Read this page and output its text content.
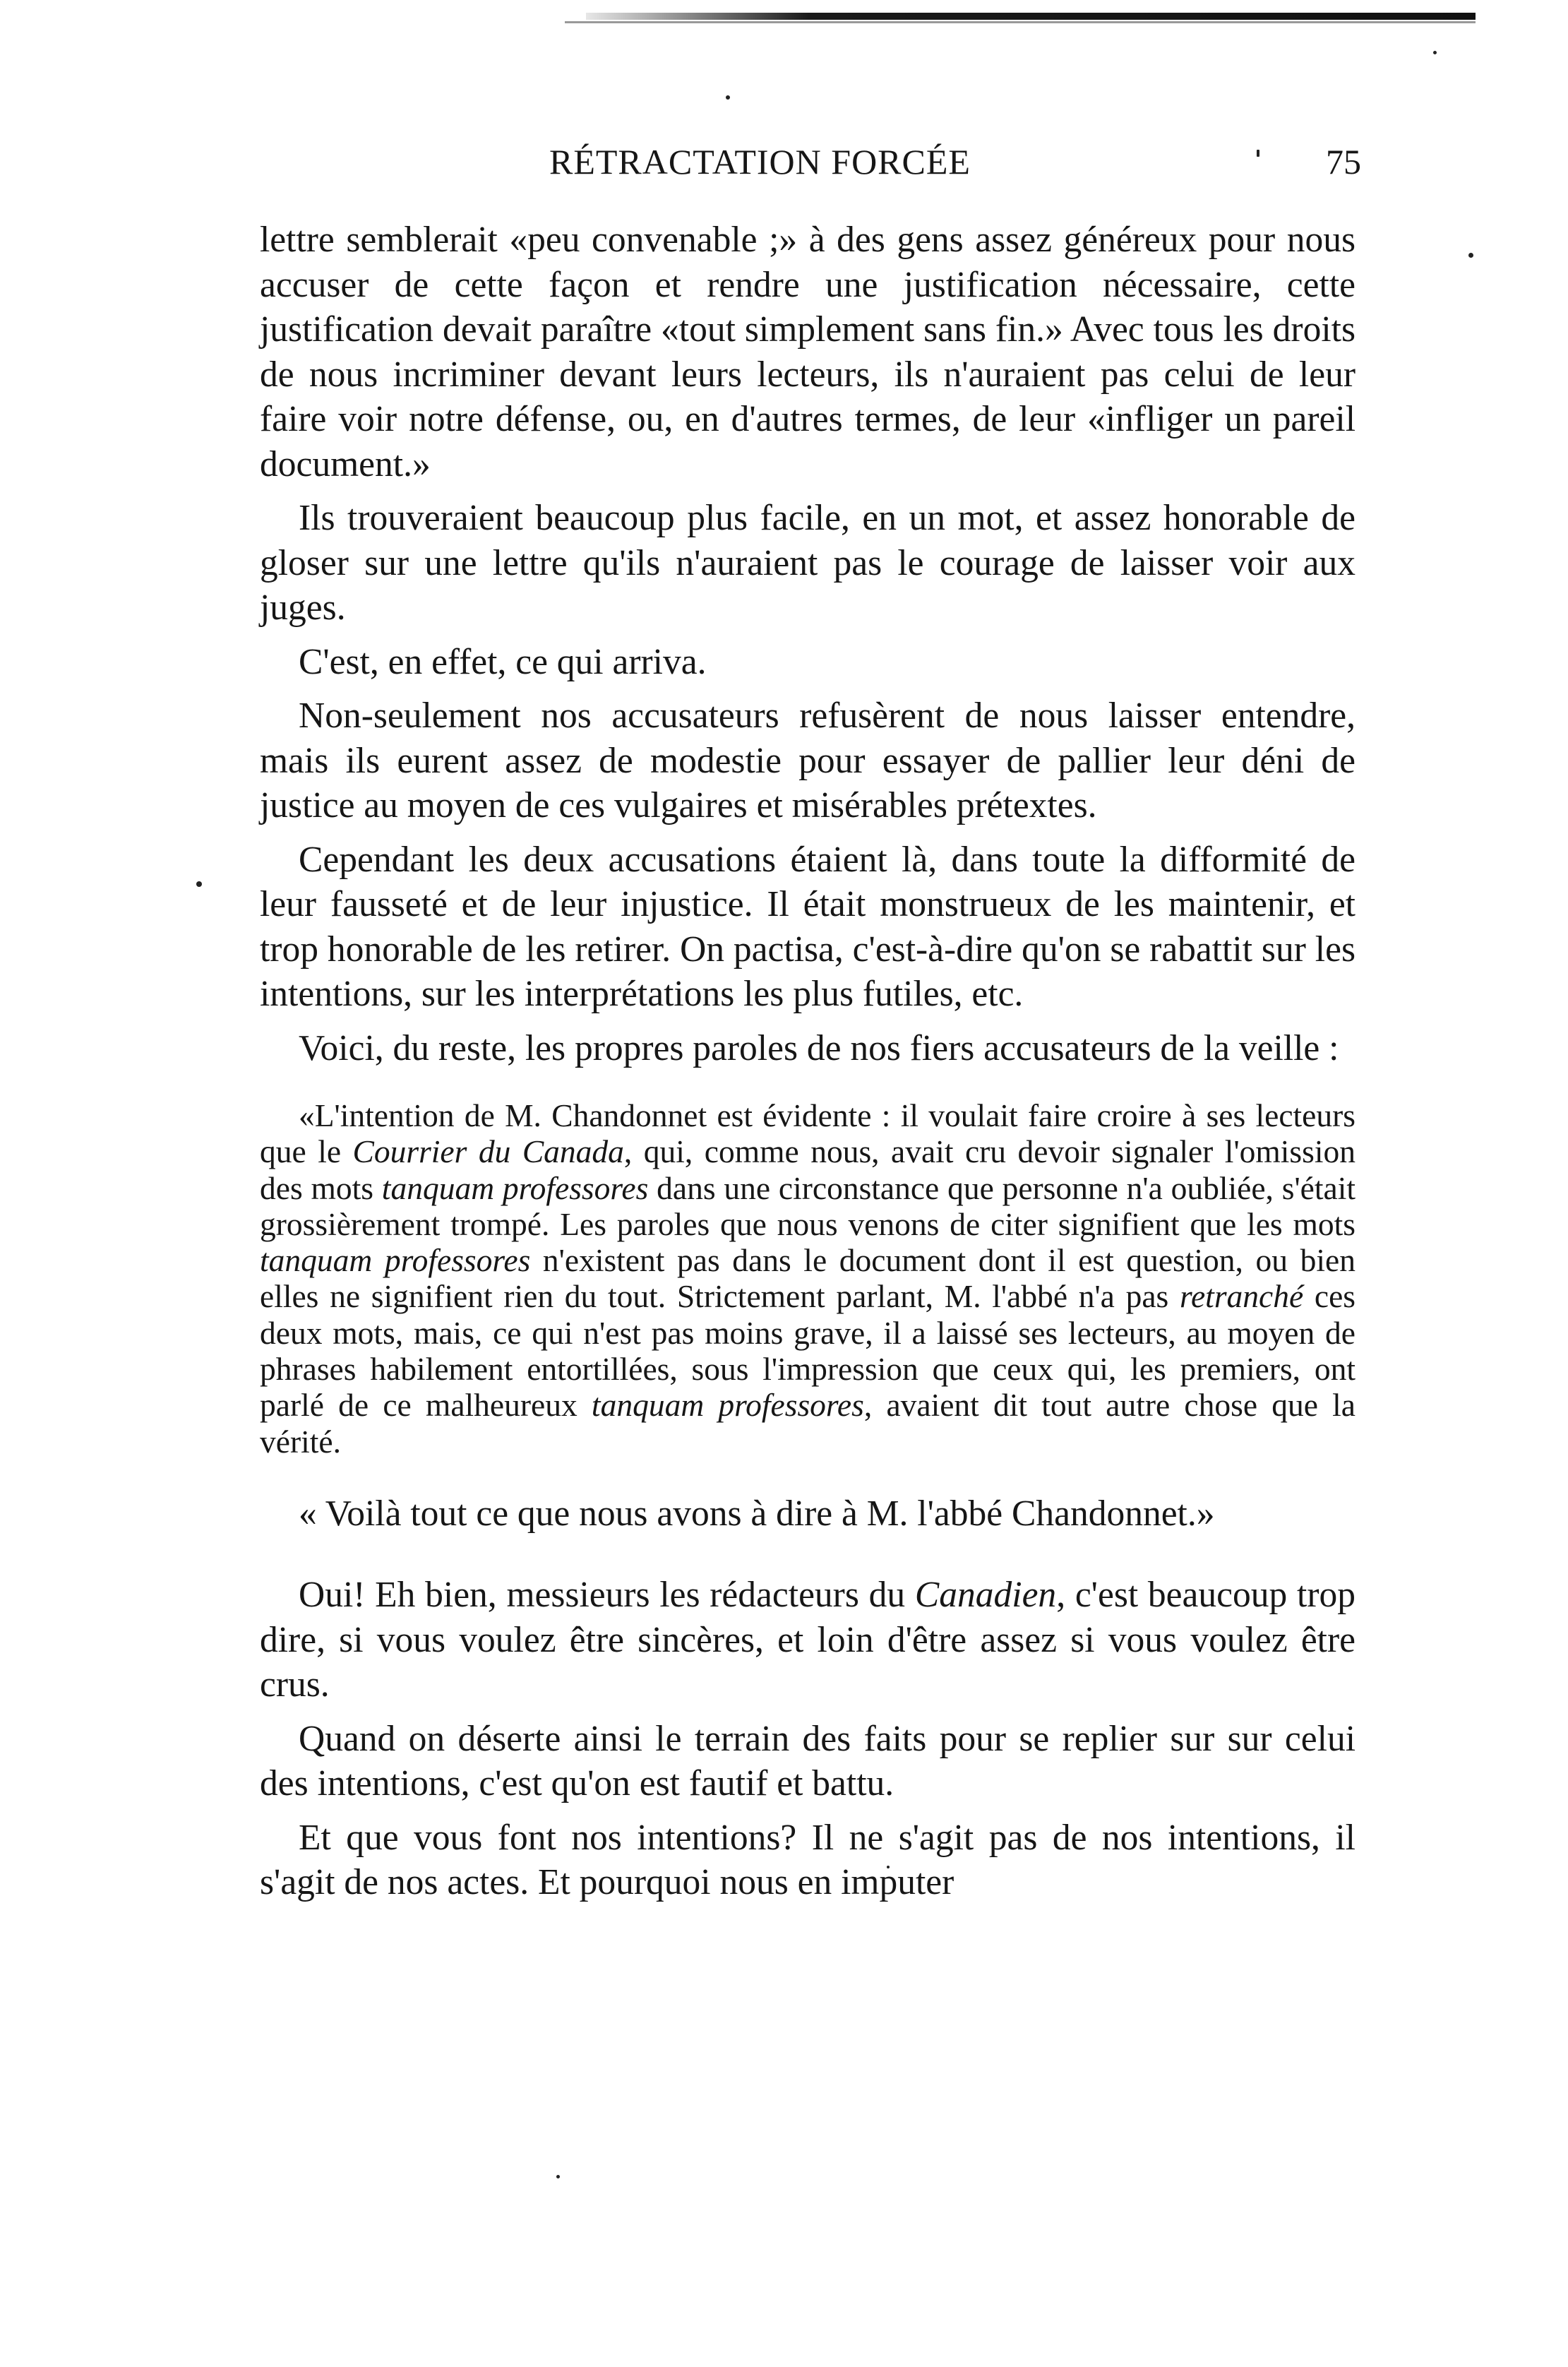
RÉTRACTATION FORCÉE	75

lettre semblerait «peu convenable ;» à des gens assez généreux pour nous accuser de cette façon et rendre une justification nécessaire, cette justification devait paraître «tout simplement sans fin.» Avec tous les droits de nous incriminer devant leurs lecteurs, ils n'auraient pas celui de leur faire voir notre défense, ou, en d'autres termes, de leur «infliger un pareil document.»

Ils trouveraient beaucoup plus facile, en un mot, et assez honorable de gloser sur une lettre qu'ils n'auraient pas le courage de laisser voir aux juges.

C'est, en effet, ce qui arriva.

Non-seulement nos accusateurs refusèrent de nous laisser entendre, mais ils eurent assez de modestie pour essayer de pallier leur déni de justice au moyen de ces vulgaires et misérables prétextes.

Cependant les deux accusations étaient là, dans toute la difformité de leur fausseté et de leur injustice. Il était monstrueux de les maintenir, et trop honorable de les retirer. On pactisa, c'est-à-dire qu'on se rabattit sur les intentions, sur les interprétations les plus futiles, etc.

Voici, du reste, les propres paroles de nos fiers accusateurs de la veille :

«L'intention de M. Chandonnet est évidente : il voulait faire croire à ses lecteurs que le Courrier du Canada, qui, comme nous, avait cru devoir signaler l'omission des mots tanquam professores dans une circonstance que personne n'a oubliée, s'était grossièrement trompé. Les paroles que nous venons de citer signifient que les mots tanquam professores n'existent pas dans le document dont il est question, ou bien elles ne signifient rien du tout. Strictement parlant, M. l'abbé n'a pas retranché ces deux mots, mais, ce qui n'est pas moins grave, il a laissé ses lecteurs, au moyen de phrases habilement entortillées, sous l'impression que ceux qui, les premiers, ont parlé de ce malheureux tanquam professores, avaient dit tout autre chose que la vérité.

« Voilà tout ce que nous avons à dire à M. l'abbé Chandonnet.»

Oui! Eh bien, messieurs les rédacteurs du Canadien, c'est beaucoup trop dire, si vous voulez être sincères, et loin d'être assez si vous voulez être crus.

Quand on déserte ainsi le terrain des faits pour se replier sur sur celui des intentions, c'est qu'on est fautif et battu.

Et que vous font nos intentions? Il ne s'agit pas de nos intentions, il s'agit de nos actes. Et pourquoi nous en imputer
